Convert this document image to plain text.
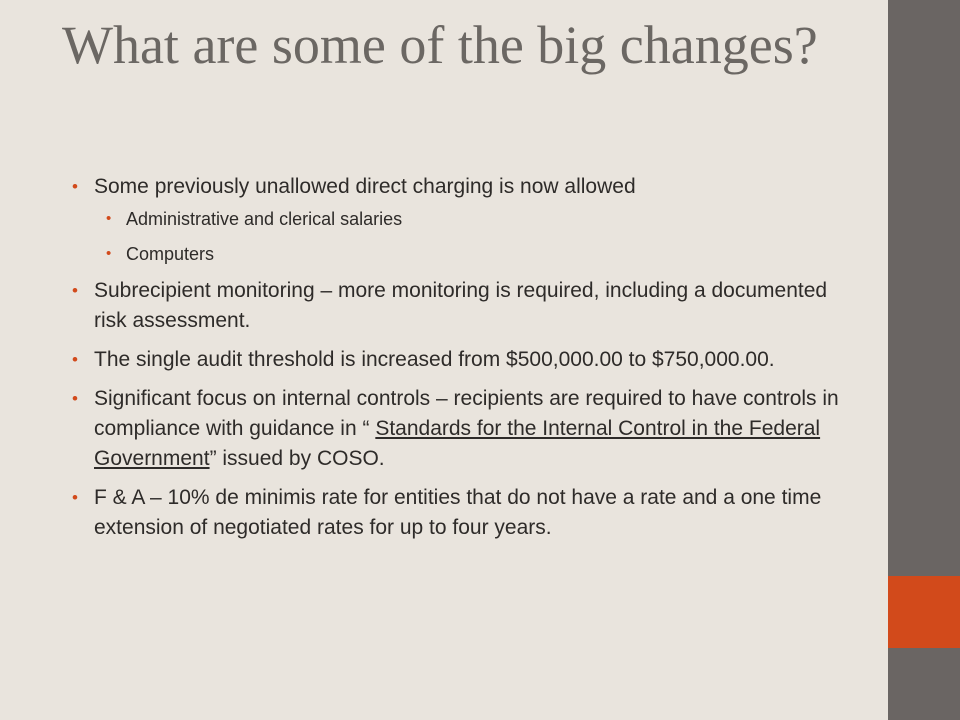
What are some of the big changes?
• Some previously unallowed direct charging is now allowed
• Administrative and clerical salaries
• Computers
• Subrecipient monitoring – more monitoring is required, including a documented risk assessment.
• The single audit threshold is increased from $500,000.00 to $750,000.00.
• Significant focus on internal controls – recipients are required to have controls in compliance with guidance in “ Standards for the Internal Control in the Federal Government” issued by COSO.
• F & A – 10% de minimis rate for entities that do not have a rate and a one time extension of negotiated rates for up to four years.
